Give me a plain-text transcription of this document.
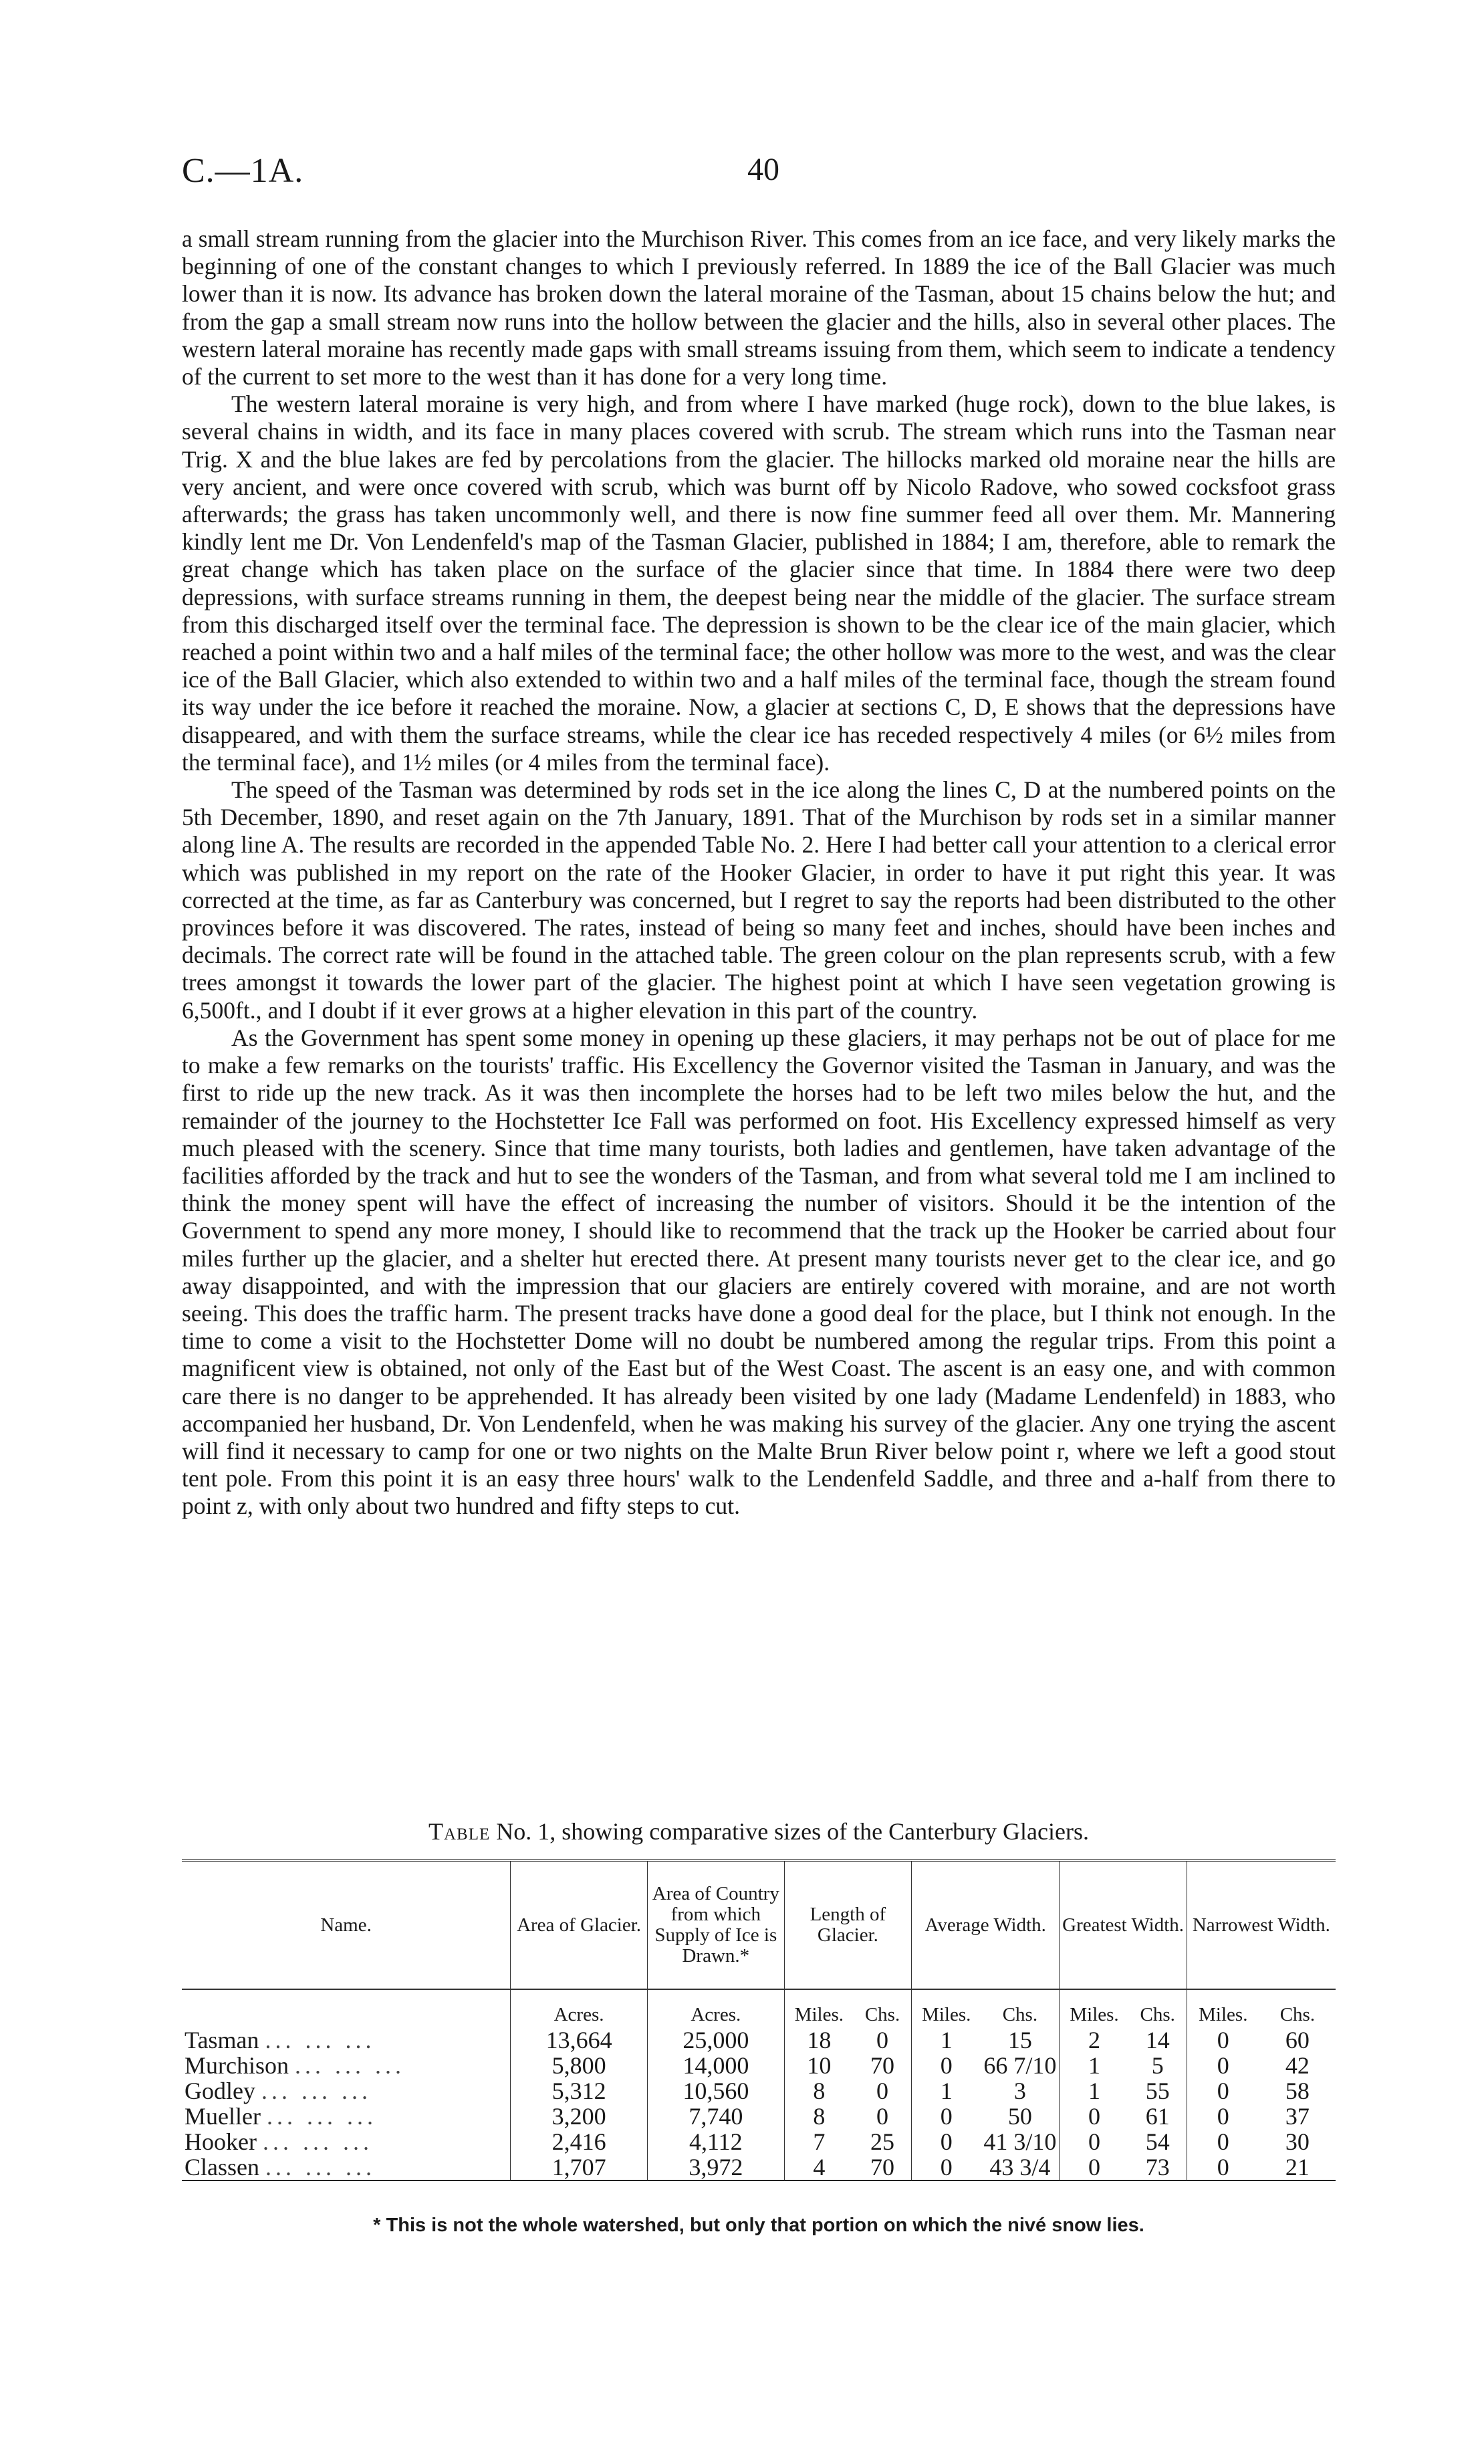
C.—1A.	40

a small stream running from the glacier into the Murchison River. This comes from an ice face, and very likely marks the beginning of one of the constant changes to which I previously referred. In 1889 the ice of the Ball Glacier was much lower than it is now. Its advance has broken down the lateral moraine of the Tasman, about 15 chains below the hut; and from the gap a small stream now runs into the hollow between the glacier and the hills, also in several other places. The western lateral moraine has recently made gaps with small streams issuing from them, which seem to indicate a tendency of the current to set more to the west than it has done for a very long time.

The western lateral moraine is very high, and from where I have marked (huge rock), down to the blue lakes, is several chains in width, and its face in many places covered with scrub. The stream which runs into the Tasman near Trig. X and the blue lakes are fed by percolations from the glacier. The hillocks marked old moraine near the hills are very ancient, and were once covered with scrub, which was burnt off by Nicolo Radove, who sowed cocksfoot grass afterwards; the grass has taken uncommonly well, and there is now fine summer feed all over them. Mr. Mannering kindly lent me Dr. Von Lendenfeld's map of the Tasman Glacier, published in 1884; I am, therefore, able to remark the great change which has taken place on the surface of the glacier since that time. In 1884 there were two deep depressions, with surface streams running in them, the deepest being near the middle of the glacier. The surface stream from this discharged itself over the terminal face. The depression is shown to be the clear ice of the main glacier, which reached a point within two and a half miles of the terminal face; the other hollow was more to the west, and was the clear ice of the Ball Glacier, which also extended to within two and a half miles of the terminal face, though the stream found its way under the ice before it reached the moraine. Now, a glacier at sections C, D, E shows that the depressions have disappeared, and with them the surface streams, while the clear ice has receded respectively 4 miles (or 6½ miles from the terminal face), and 1½ miles (or 4 miles from the terminal face).

The speed of the Tasman was determined by rods set in the ice along the lines C, D at the numbered points on the 5th December, 1890, and reset again on the 7th January, 1891. That of the Murchison by rods set in a similar manner along line A. The results are recorded in the appended Table No. 2. Here I had better call your attention to a clerical error which was published in my report on the rate of the Hooker Glacier, in order to have it put right this year. It was corrected at the time, as far as Canterbury was concerned, but I regret to say the reports had been distributed to the other provinces before it was discovered. The rates, instead of being so many feet and inches, should have been inches and decimals. The correct rate will be found in the attached table. The green colour on the plan represents scrub, with a few trees amongst it towards the lower part of the glacier. The highest point at which I have seen vegetation growing is 6,500ft., and I doubt if it ever grows at a higher elevation in this part of the country.

As the Government has spent some money in opening up these glaciers, it may perhaps not be out of place for me to make a few remarks on the tourists' traffic. His Excellency the Governor visited the Tasman in January, and was the first to ride up the new track. As it was then incomplete the horses had to be left two miles below the hut, and the remainder of the journey to the Hochstetter Ice Fall was performed on foot. His Excellency expressed himself as very much pleased with the scenery. Since that time many tourists, both ladies and gentlemen, have taken advantage of the facilities afforded by the track and hut to see the wonders of the Tasman, and from what several told me I am inclined to think the money spent will have the effect of increasing the number of visitors. Should it be the intention of the Government to spend any more money, I should like to recommend that the track up the Hooker be carried about four miles further up the glacier, and a shelter hut erected there. At present many tourists never get to the clear ice, and go away disappointed, and with the impression that our glaciers are entirely covered with moraine, and are not worth seeing. This does the traffic harm. The present tracks have done a good deal for the place, but I think not enough. In the time to come a visit to the Hochstetter Dome will no doubt be numbered among the regular trips. From this point a magnificent view is obtained, not only of the East but of the West Coast. The ascent is an easy one, and with common care there is no danger to be apprehended. It has already been visited by one lady (Madame Lendenfeld) in 1883, who accompanied her husband, Dr. Von Lendenfeld, when he was making his survey of the glacier. Any one trying the ascent will find it necessary to camp for one or two nights on the Malte Brun River below point r, where we left a good stout tent pole. From this point it is an easy three hours' walk to the Lendenfeld Saddle, and three and a-half from there to point z, with only about two hundred and fifty steps to cut.

Table No. 1, showing comparative sizes of the Canterbury Glaciers.
Name.	Area of Glacier.	Area of Country from which Supply of Ice is Drawn.*	Length of Glacier.		Average Width.		Greatest Width.		Narrowest Width.	
	Acres.	Acres.	Miles.	Chs.	Miles.	Chs.	Miles.	Chs.	Miles.	Chs.
Tasman ... ... ...	13,664	25,000	18	0	1	15	2	14	0	60
Murchison ... ... ...	5,800	14,000	10	70	0	66 7/10	1	5	0	42
Godley ... ... ...	5,312	10,560	8	0	1	3	1	55	0	58
Mueller ... ... ...	3,200	7,740	8	0	0	50	0	61	0	37
Hooker ... ... ...	2,416	4,112	7	25	0	41 3/10	0	54	0	30
Classen ... ... ...	1,707	3,972	4	70	0	43 3/4	0	73	0	21
* This is not the whole watershed, but only that portion on which the nivé snow lies.
